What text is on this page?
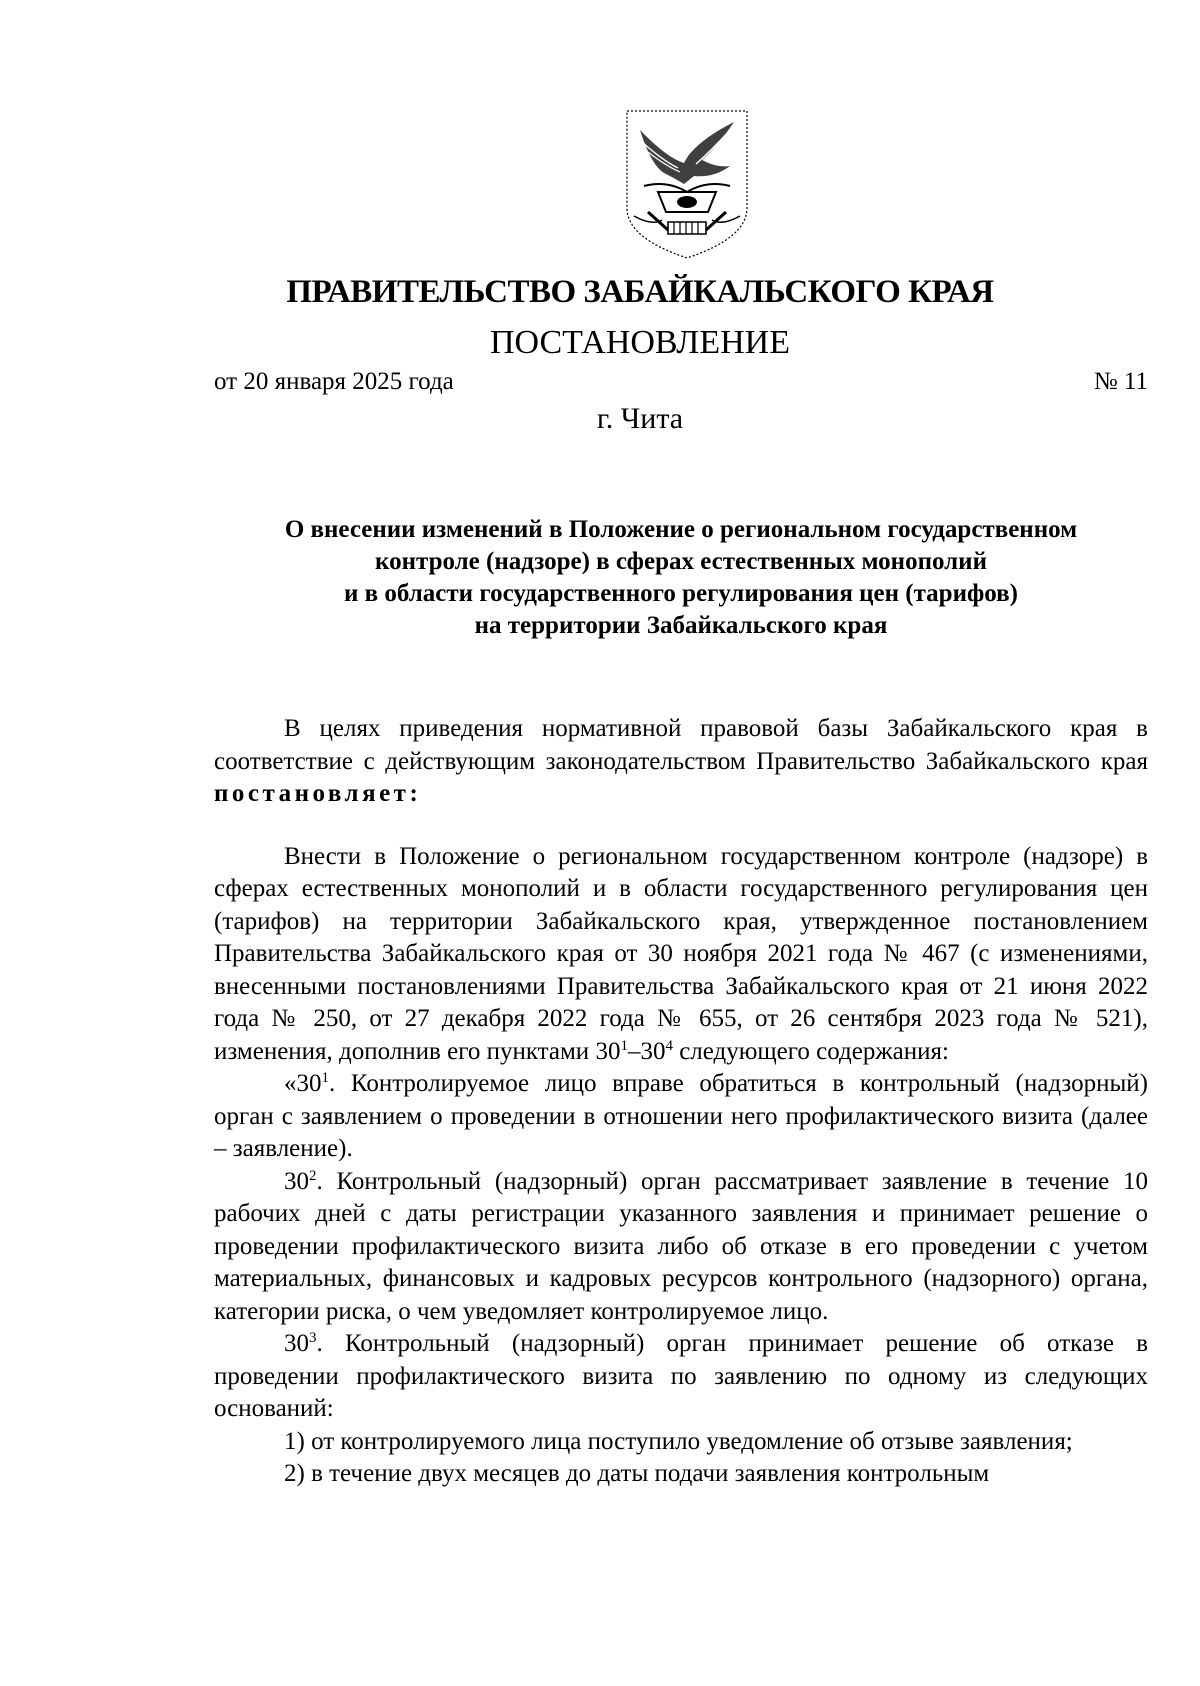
ПРАВИТЕЛЬСТВО ЗАБАЙКАЛЬСКОГО КРАЯ
ПОСТАНОВЛЕНИЕ
от 20 января 2025 года	№ 11
г. Чита
О внесении изменений в Положение о региональном государственном
контроле (надзоре) в сферах естественных монополий
и в области государственного регулирования цен (тарифов)
на территории Забайкальского края

В целях приведения нормативной правовой базы Забайкальского края в соответствие с действующим законодательством Правительство Забайкальского края постановляет:

Внести в Положение о региональном государственном контроле (надзоре) в сферах естественных монополий и в области государственного регулирования цен (тарифов) на территории Забайкальского края, утвержденное постановлением Правительства Забайкальского края от 30 ноября 2021 года № 467 (с изменениями, внесенными постановлениями Правительства Забайкальского края от 21 июня 2022 года № 250, от 27 декабря 2022 года № 655, от 26 сентября 2023 года № 521), изменения, дополнив его пунктами $30^1-30^4$ следующего содержания:

«$30^1$. Контролируемое лицо вправе обратиться в контрольный (надзорный) орган с заявлением о проведении в отношении него профилактического визита (далее – заявление).

$30^2$. Контрольный (надзорный) орган рассматривает заявление в течение 10 рабочих дней с даты регистрации указанного заявления и принимает решение о проведении профилактического визита либо об отказе в его проведении с учетом материальных, финансовых и кадровых ресурсов контрольного (надзорного) органа, категории риска, о чем уведомляет контролируемое лицо.

$30^3$. Контрольный (надзорный) орган принимает решение об отказе в проведении профилактического визита по заявлению по одному из следующих оснований:

1) от контролируемого лица поступило уведомление об отзыве заявления;

2) в течение двух месяцев до даты подачи заявления контрольным
